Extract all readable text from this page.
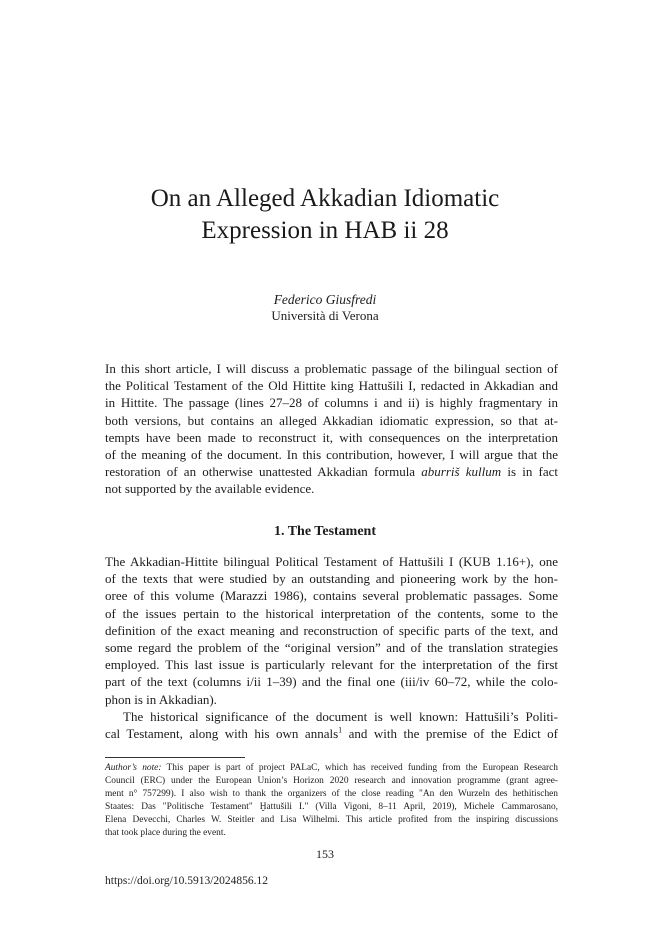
On an Alleged Akkadian Idiomatic
Expression in HAB ii 28
Federico Giusfredi
Università di Verona
In this short article, I will discuss a problematic passage of the bilingual section of
the Political Testament of the Old Hittite king Hattušili I, redacted in Akkadian and
in Hittite. The passage (lines 27–28 of columns i and ii) is highly fragmentary in
both versions, but contains an alleged Akkadian idiomatic expression, so that at-
tempts have been made to reconstruct it, with consequences on the interpretation
of the meaning of the document. In this contribution, however, I will argue that the
restoration of an otherwise unattested Akkadian formula aburriš kullum is in fact
not supported by the available evidence.
1. The Testament
The Akkadian-Hittite bilingual Political Testament of Hattušili I (KUB 1.16+), one
of the texts that were studied by an outstanding and pioneering work by the hon-
oree of this volume (Marazzi 1986), contains several problematic passages. Some
of the issues pertain to the historical interpretation of the contents, some to the
definition of the exact meaning and reconstruction of specific parts of the text, and
some regard the problem of the “original version” and of the translation strategies
employed. This last issue is particularly relevant for the interpretation of the first
part of the text (columns i/ii 1–39) and the final one (iii/iv 60–72, while the colo-
phon is in Akkadian).
The historical significance of the document is well known: Hattušili’s Politi-
cal Testament, along with his own annals$^1$ and with the premise of the Edict of
Author’s note: This paper is part of project PALaC, which has received funding from the European Research
Council (ERC) under the European Union’s Horizon 2020 research and innovation programme (grant agree-
ment n° 757299). I also wish to thank the organizers of the close reading "An den Wurzeln des hethitischen
Staates: Das "Politische Testament" Ḫattušili I." (Villa Vigoni, 8–11 April, 2019), Michele Cammarosano,
Elena Devecchi, Charles W. Steitler and Lisa Wilhelmi. This article profited from the inspiring discussions
that took place during the event.
153
https://doi.org/10.5913/2024856.12
